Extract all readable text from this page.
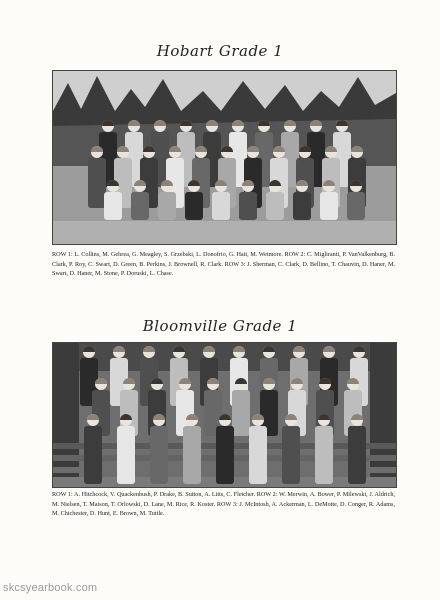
Hobart Grade 1

ROW 1: L. Collins, M. Gehrea, G. Meagley, S. Grzebski, L. Donofrio, G. Hait, M. Wetmore. ROW 2: C. Migliranti, P. VanValkenburg, B. Clark, P. Roy, C. Swart, D. Green, B. Perkins, J. Brownell, R. Clark. ROW 3: J. Sherman, C. Clark, D. Bellino, T. Chauvin, D. Haner, M. Swart, D. Haner, M. Stone, P. Doruski, L. Chase.

Bloomville Grade 1

ROW 1: A. Hitchcock, V. Quackenbush, P. Drake, B. Sutton, A. Litts, C. Fletcher. ROW 2: W. Merwin, A. Bower, P. Milewski, J. Aldrich, M. Nielsen, T. Maison, T. Orlowski, D. Lane, M. Rice, R. Koster. ROW 3: J. McIntosh, A. Ackerman, L. DeMotte, D. Conger, R. Adams, M. Chichester, D. Hunt, E. Brown, M. Tuttle.

skcsyearbook.com
